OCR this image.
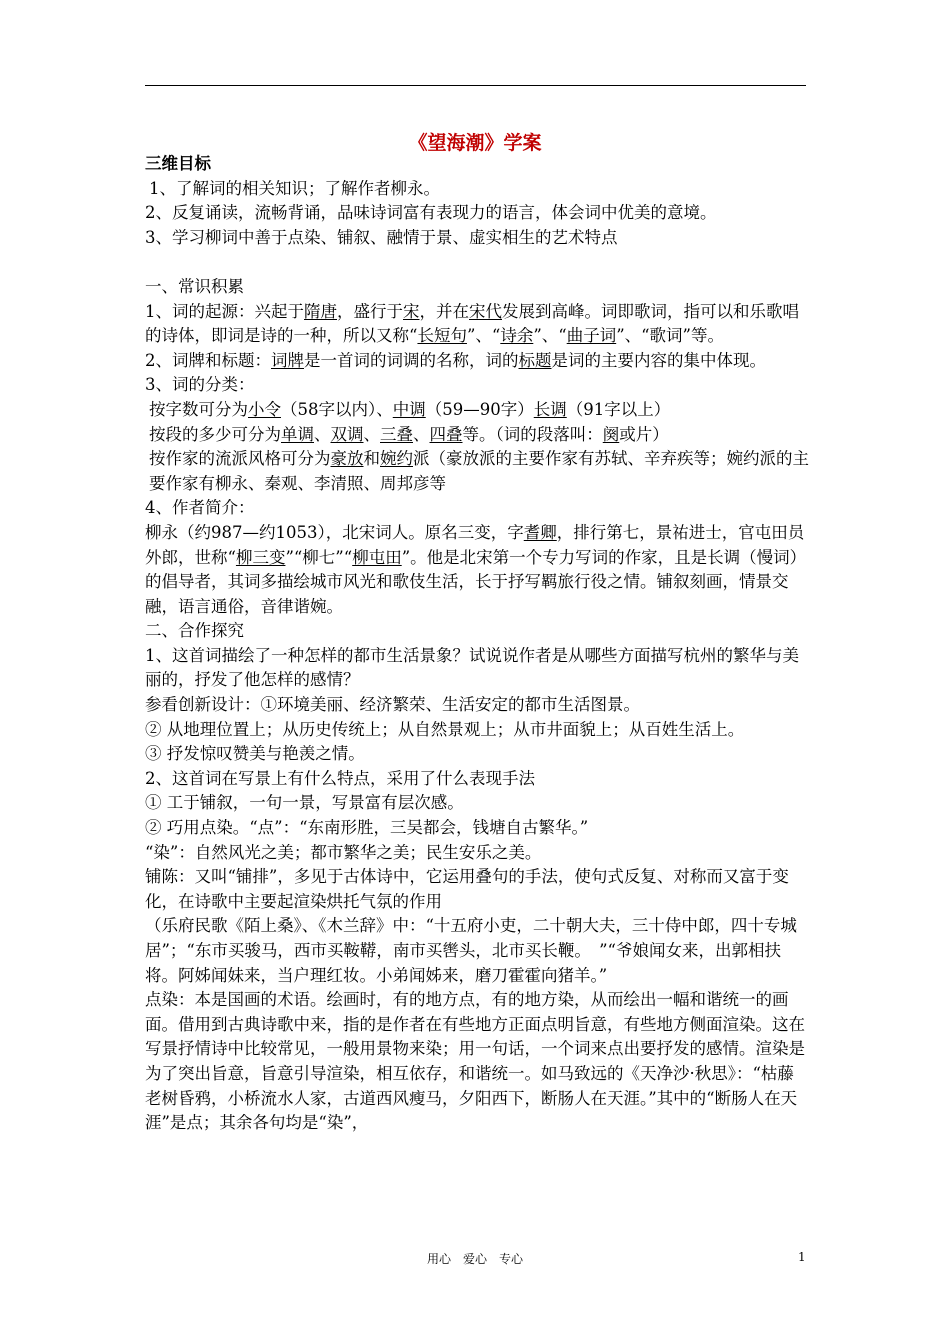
《望海潮》学案

三维目标

1、了解词的相关知识；了解作者柳永。

2、反复诵读，流畅背诵，品味诗词富有表现力的语言，体会词中优美的意境。

3、学习柳词中善于点染、铺叙、融情于景、虚实相生的艺术特点

一、常识积累

1、词的起源：兴起于隋唐，盛行于宋，并在宋代发展到高峰。词即歌词，指可以和乐歌唱的诗体，即词是诗的一种，所以又称“长短句”、“诗余”、“曲子词”、“歌词”等。

2、词牌和标题：词牌是一首词的词调的名称，词的标题是词的主要内容的集中体现。

3、词的分类：

按字数可分为小令（58字以内）、中调（59—90字）长调（91字以上）

按段的多少可分为单调、双调、三叠、四叠等。（词的段落叫：阕或片）

按作家的流派风格可分为豪放和婉约派（豪放派的主要作家有苏轼、辛弃疾等；婉约派的主要作家有柳永、秦观、李清照、周邦彦等

4、作者简介：

柳永（约987—约1053），北宋词人。原名三变，字耆卿，排行第七，景祐进士，官屯田员外郎，世称“柳三变”“柳七”“柳屯田”。他是北宋第一个专力写词的作家，且是长调（慢词）的倡导者，其词多描绘城市风光和歌伎生活，长于抒写羁旅行役之情。铺叙刻画，情景交融，语言通俗，音律谐婉。

二、合作探究

1、这首词描绘了一种怎样的都市生活景象？试说说作者是从哪些方面描写杭州的繁华与美丽的，抒发了他怎样的感情？

参看创新设计：①环境美丽、经济繁荣、生活安定的都市生活图景。

② 从地理位置上；从历史传统上；从自然景观上；从市井面貌上；从百姓生活上。

③ 抒发惊叹赞美与艳羡之情。

2、这首词在写景上有什么特点，采用了什么表现手法

① 工于铺叙，一句一景，写景富有层次感。

② 巧用点染。“点”：“东南形胜，三吴都会，钱塘自古繁华。”

“染”：自然风光之美；都市繁华之美；民生安乐之美。

铺陈：又叫“铺排”，多见于古体诗中，它运用叠句的手法，使句式反复、对称而又富于变化，在诗歌中主要起渲染烘托气氛的作用

（乐府民歌《陌上桑》、《木兰辞》中：“十五府小吏，二十朝大夫，三十侍中郎，四十专城居”；“东市买骏马，西市买鞍鞯，南市买辔头，北市买长鞭。　”“爷娘闻女来，出郭相扶将。阿姊闻妹来，当户理红妆。小弟闻姊来，磨刀霍霍向猪羊。”

点染：本是国画的术语。绘画时，有的地方点，有的地方染，从而绘出一幅和谐统一的画面。借用到古典诗歌中来，指的是作者在有些地方正面点明旨意，有些地方侧面渲染。这在写景抒情诗中比较常见，一般用景物来染；用一句话，一个词来点出要抒发的感情。渲染是为了突出旨意，旨意引导渲染，相互依存，和谐统一。如马致远的《天净沙·秋思》：“枯藤老树昏鸦，小桥流水人家，古道西风瘦马，夕阳西下，断肠人在天涯。”其中的“断肠人在天涯”是点；其余各句均是“染”，

用心　爱心　专心	1
